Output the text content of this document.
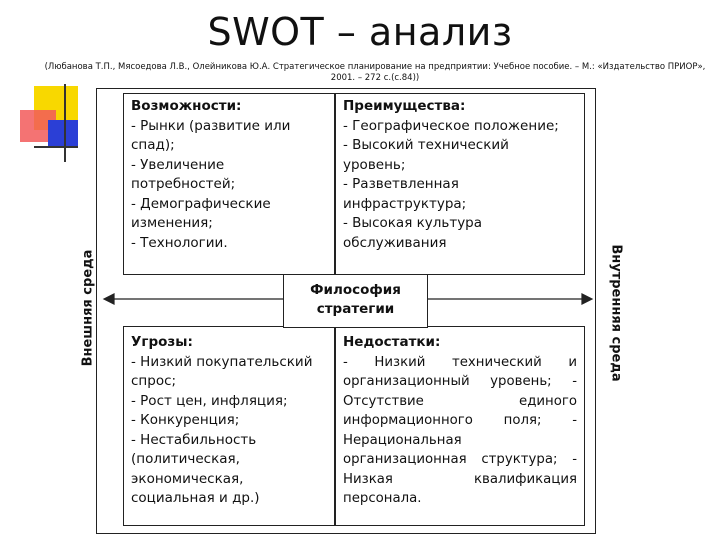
SWOT – анализ
(Любанова Т.П., Мясоедова Л.В., Олейникова Ю.А. Стратегическое планирование на предприятии: Учебное пособие. – М.: «Издательство ПРИОР», 2001. – 272 с.(с.84))
Внешняя среда	Внутренняя среда
Возможности:
- Рынки (развитие или
спад);
- Увеличение
потребностей;
- Демографические
изменения;
- Технологии.
Преимущества:
- Географическое положение;
- Высокий технический
уровень;
- Разветвленная
инфраструктура;
- Высокая культура
обслуживания
Угрозы:
- Низкий покупательский
спрос;
- Рост цен, инфляция;
- Конкуренция;
- Нестабильность
(политическая,
экономическая,
социальная и др.)
Недостатки:
- Низкий технический и организационный уровень; - Отсутствие единого информационного поля; - Нерациональная организационная структура; - Низкая квалификация персонала.
Философия
стратегии
